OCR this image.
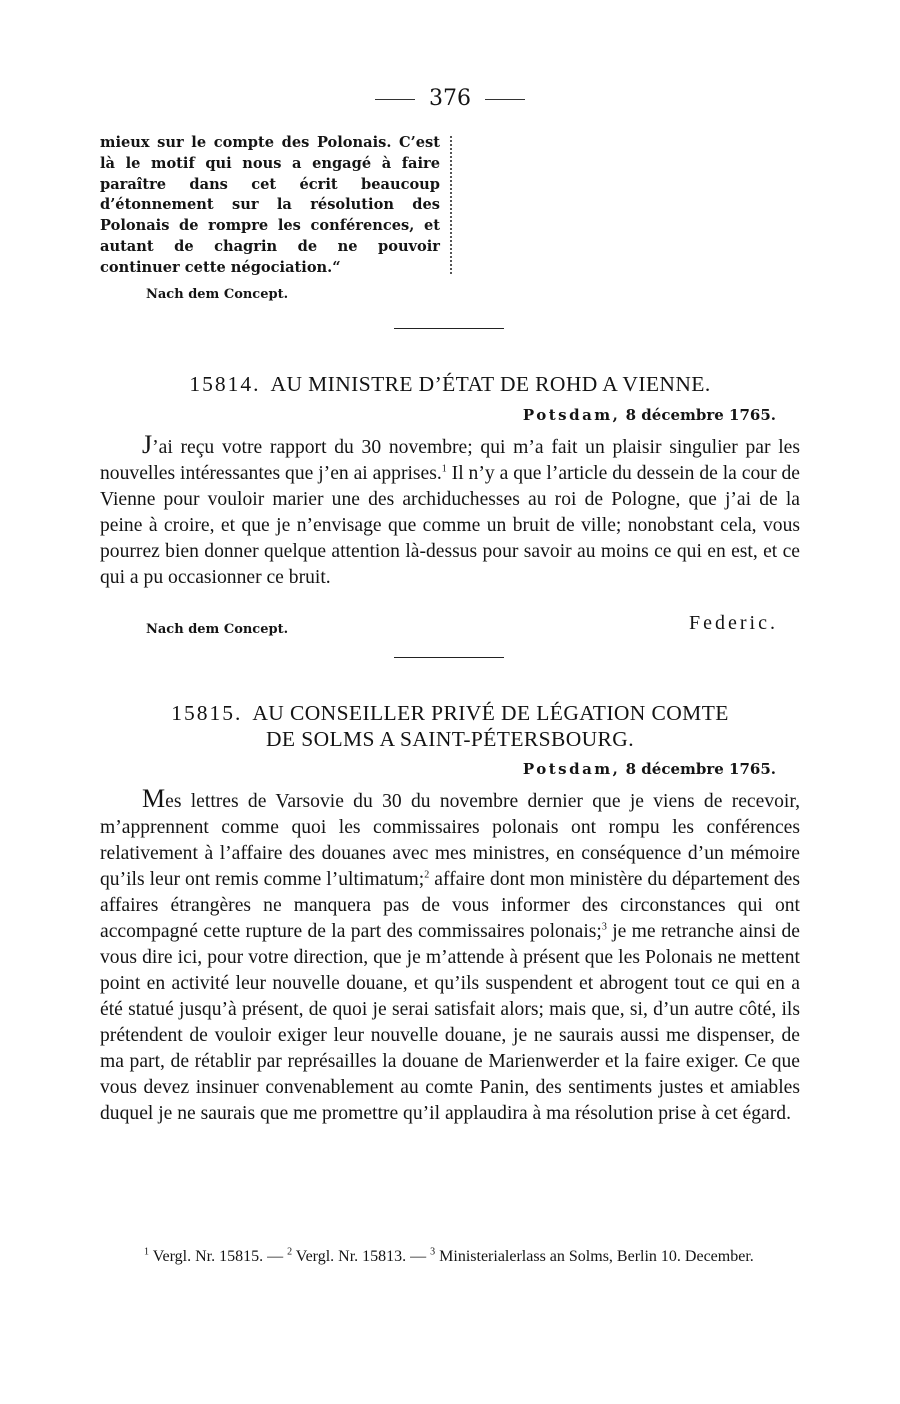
376

mieux sur le compte des Polonais. C’est là le motif qui nous a engagé à faire paraître dans cet écrit beaucoup d’étonnement sur la résolution des Polonais de rompre les conférences, et autant de chagrin de ne pouvoir continuer cette négociation.“

Nach dem Concept.
15814. AU MINISTRE D’ÉTAT DE ROHD A VIENNE.
Potsdam, 8 décembre 1765.

J’ai reçu votre rapport du 30 novembre; qui m’a fait un plaisir singulier par les nouvelles intéressantes que j’en ai apprises.$^1$ Il n’y a que l’article du dessein de la cour de Vienne pour vouloir marier une des archiduchesses au roi de Pologne, que j’ai de la peine à croire, et que je n’envisage que comme un bruit de ville; nonobstant cela, vous pourrez bien donner quelque attention là-dessus pour savoir au moins ce qui en est, et ce qui a pu occasionner ce bruit.

Nach dem Concept.	Federic.
15815. AU CONSEILLER PRIVÉ DE LÉGATION COMTE
DE SOLMS A SAINT-PÉTERSBOURG.
Potsdam, 8 décembre 1765.

Mes lettres de Varsovie du 30 du novembre dernier que je viens de recevoir, m’apprennent comme quoi les commissaires polonais ont rompu les conférences relativement à l’affaire des douanes avec mes ministres, en conséquence d’un mémoire qu’ils leur ont remis comme l’ultimatum;$^2$ affaire dont mon ministère du département des affaires étrangères ne manquera pas de vous informer des circonstances qui ont accompagné cette rupture de la part des commissaires polonais;$^3$ je me retranche ainsi de vous dire ici, pour votre direction, que je m’attende à présent que les Polonais ne mettent point en activité leur nouvelle douane, et qu’ils suspendent et abrogent tout ce qui en a été statué jusqu’à présent, de quoi je serai satisfait alors; mais que, si, d’un autre côté, ils prétendent de vouloir exiger leur nouvelle douane, je ne saurais aussi me dispenser, de ma part, de rétablir par représailles la douane de Marienwerder et la faire exiger. Ce que vous devez insinuer convenablement au comte Panin, des sentiments justes et amiables duquel je ne saurais que me promettre qu’il applaudira à ma résolution prise à cet égard.

$^1$ Vergl. Nr. 15815. — $^2$ Vergl. Nr. 15813. — $^3$ Ministerialerlass an Solms, Berlin 10. December.
